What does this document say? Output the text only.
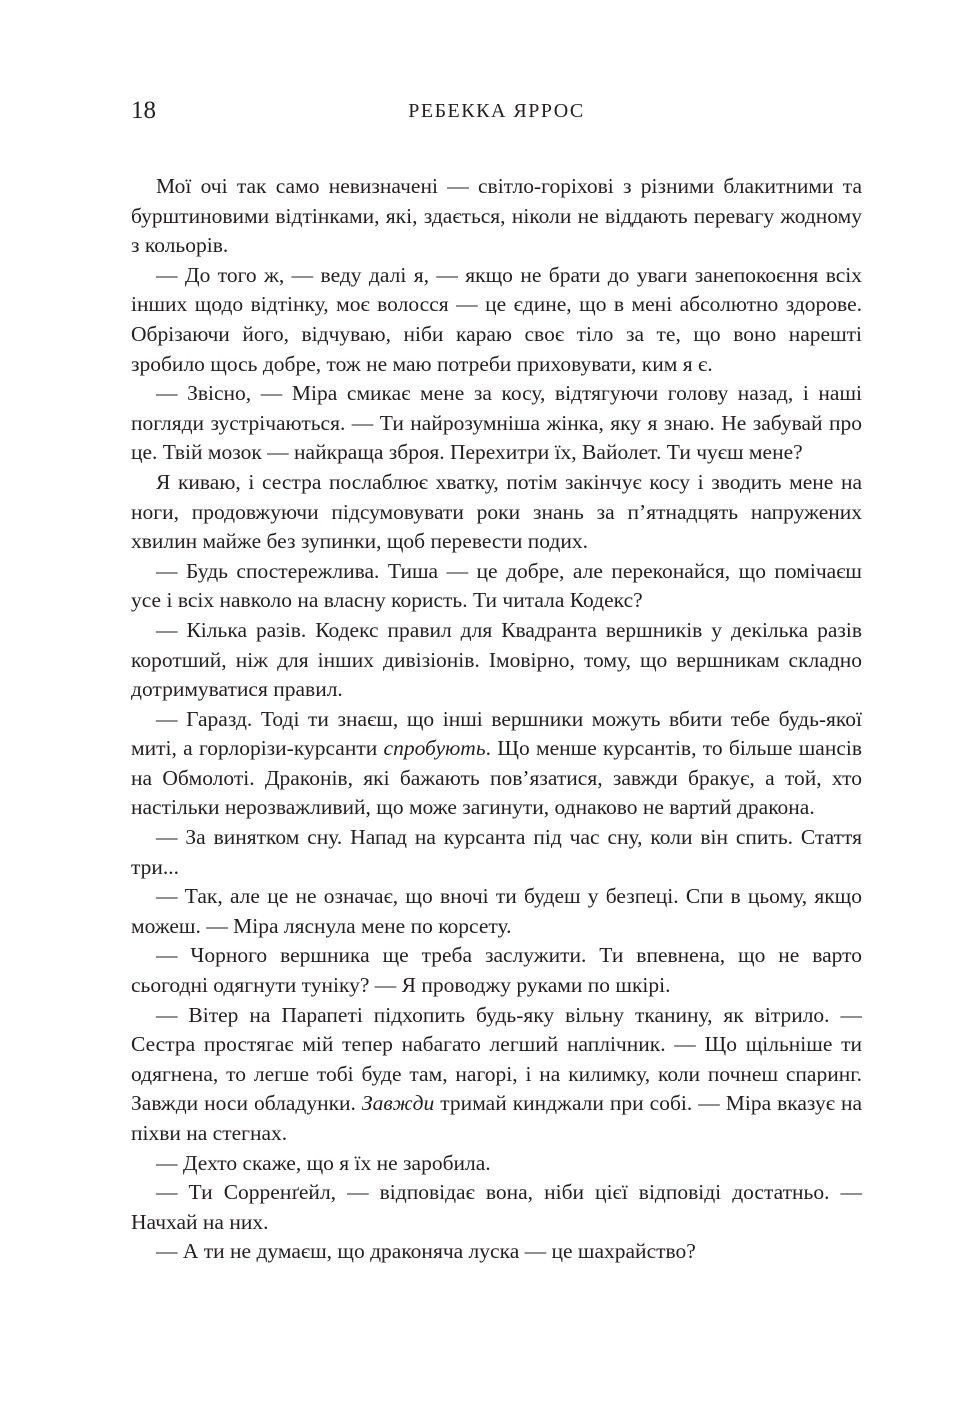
18	РЕБЕККА ЯРРОС

Мої очі так само невизначені — світло-горіхові з різними блакитними та бурштиновими відтінками, які, здається, ніколи не віддають перевагу жодному з кольорів.

— До того ж, — веду далі я, — якщо не брати до уваги занепокоєння всіх інших щодо відтінку, моє волосся — це єдине, що в мені абсолютно здорове. Обрізаючи його, відчуваю, ніби караю своє тіло за те, що воно нарешті зробило щось добре, тож не маю потреби приховувати, ким я є.

— Звісно, — Міра смикає мене за косу, відтягуючи голову назад, і наші погляди зустрічаються. — Ти найрозумніша жінка, яку я знаю. Не забувай про це. Твій мозок — найкраща зброя. Перехитри їх, Вайолет. Ти чуєш мене?

Я киваю, і сестра послаблює хватку, потім закінчує косу і зводить мене на ноги, продовжуючи підсумовувати роки знань за п’ятнадцять напружених хвилин майже без зупинки, щоб перевести подих.

— Будь спостережлива. Тиша — це добре, але переконайся, що помічаєш усе і всіх навколо на власну користь. Ти читала Кодекс?

— Кілька разів. Кодекс правил для Квадранта вершників у декілька разів коротший, ніж для інших дивізіонів. Імовірно, тому, що вершникам складно дотримуватися правил.

— Гаразд. Тоді ти знаєш, що інші вершники можуть вбити тебе будь-якої миті, а горлорізи-курсанти спробують. Що менше курсантів, то більше шансів на Обмолоті. Драконів, які бажають пов’язатися, завжди бракує, а той, хто настільки нерозважливий, що може загинути, однаково не вартий дракона.

— За винятком сну. Напад на курсанта під час сну, коли він спить. Стаття три...

— Так, але це не означає, що вночі ти будеш у безпеці. Спи в цьому, якщо можеш. — Міра ляснула мене по корсету.

— Чорного вершника ще треба заслужити. Ти впевнена, що не варто сьогодні одягнути туніку? — Я проводжу руками по шкірі.

— Вітер на Парапеті підхопить будь-яку вільну тканину, як вітрило. — Сестра простягає мій тепер набагато легший наплічник. — Що щільніше ти одягнена, то легше тобі буде там, нагорі, і на килимку, коли почнеш спаринг. Завжди носи обладунки. Завжди тримай кинджали при собі. — Міра вказує на піхви на стегнах.

— Дехто скаже, що я їх не заробила.

— Ти Сорренґейл, — відповідає вона, ніби цієї відповіді достатньо. — Начхай на них.

— А ти не думаєш, що драконяча луска — це шахрайство?
